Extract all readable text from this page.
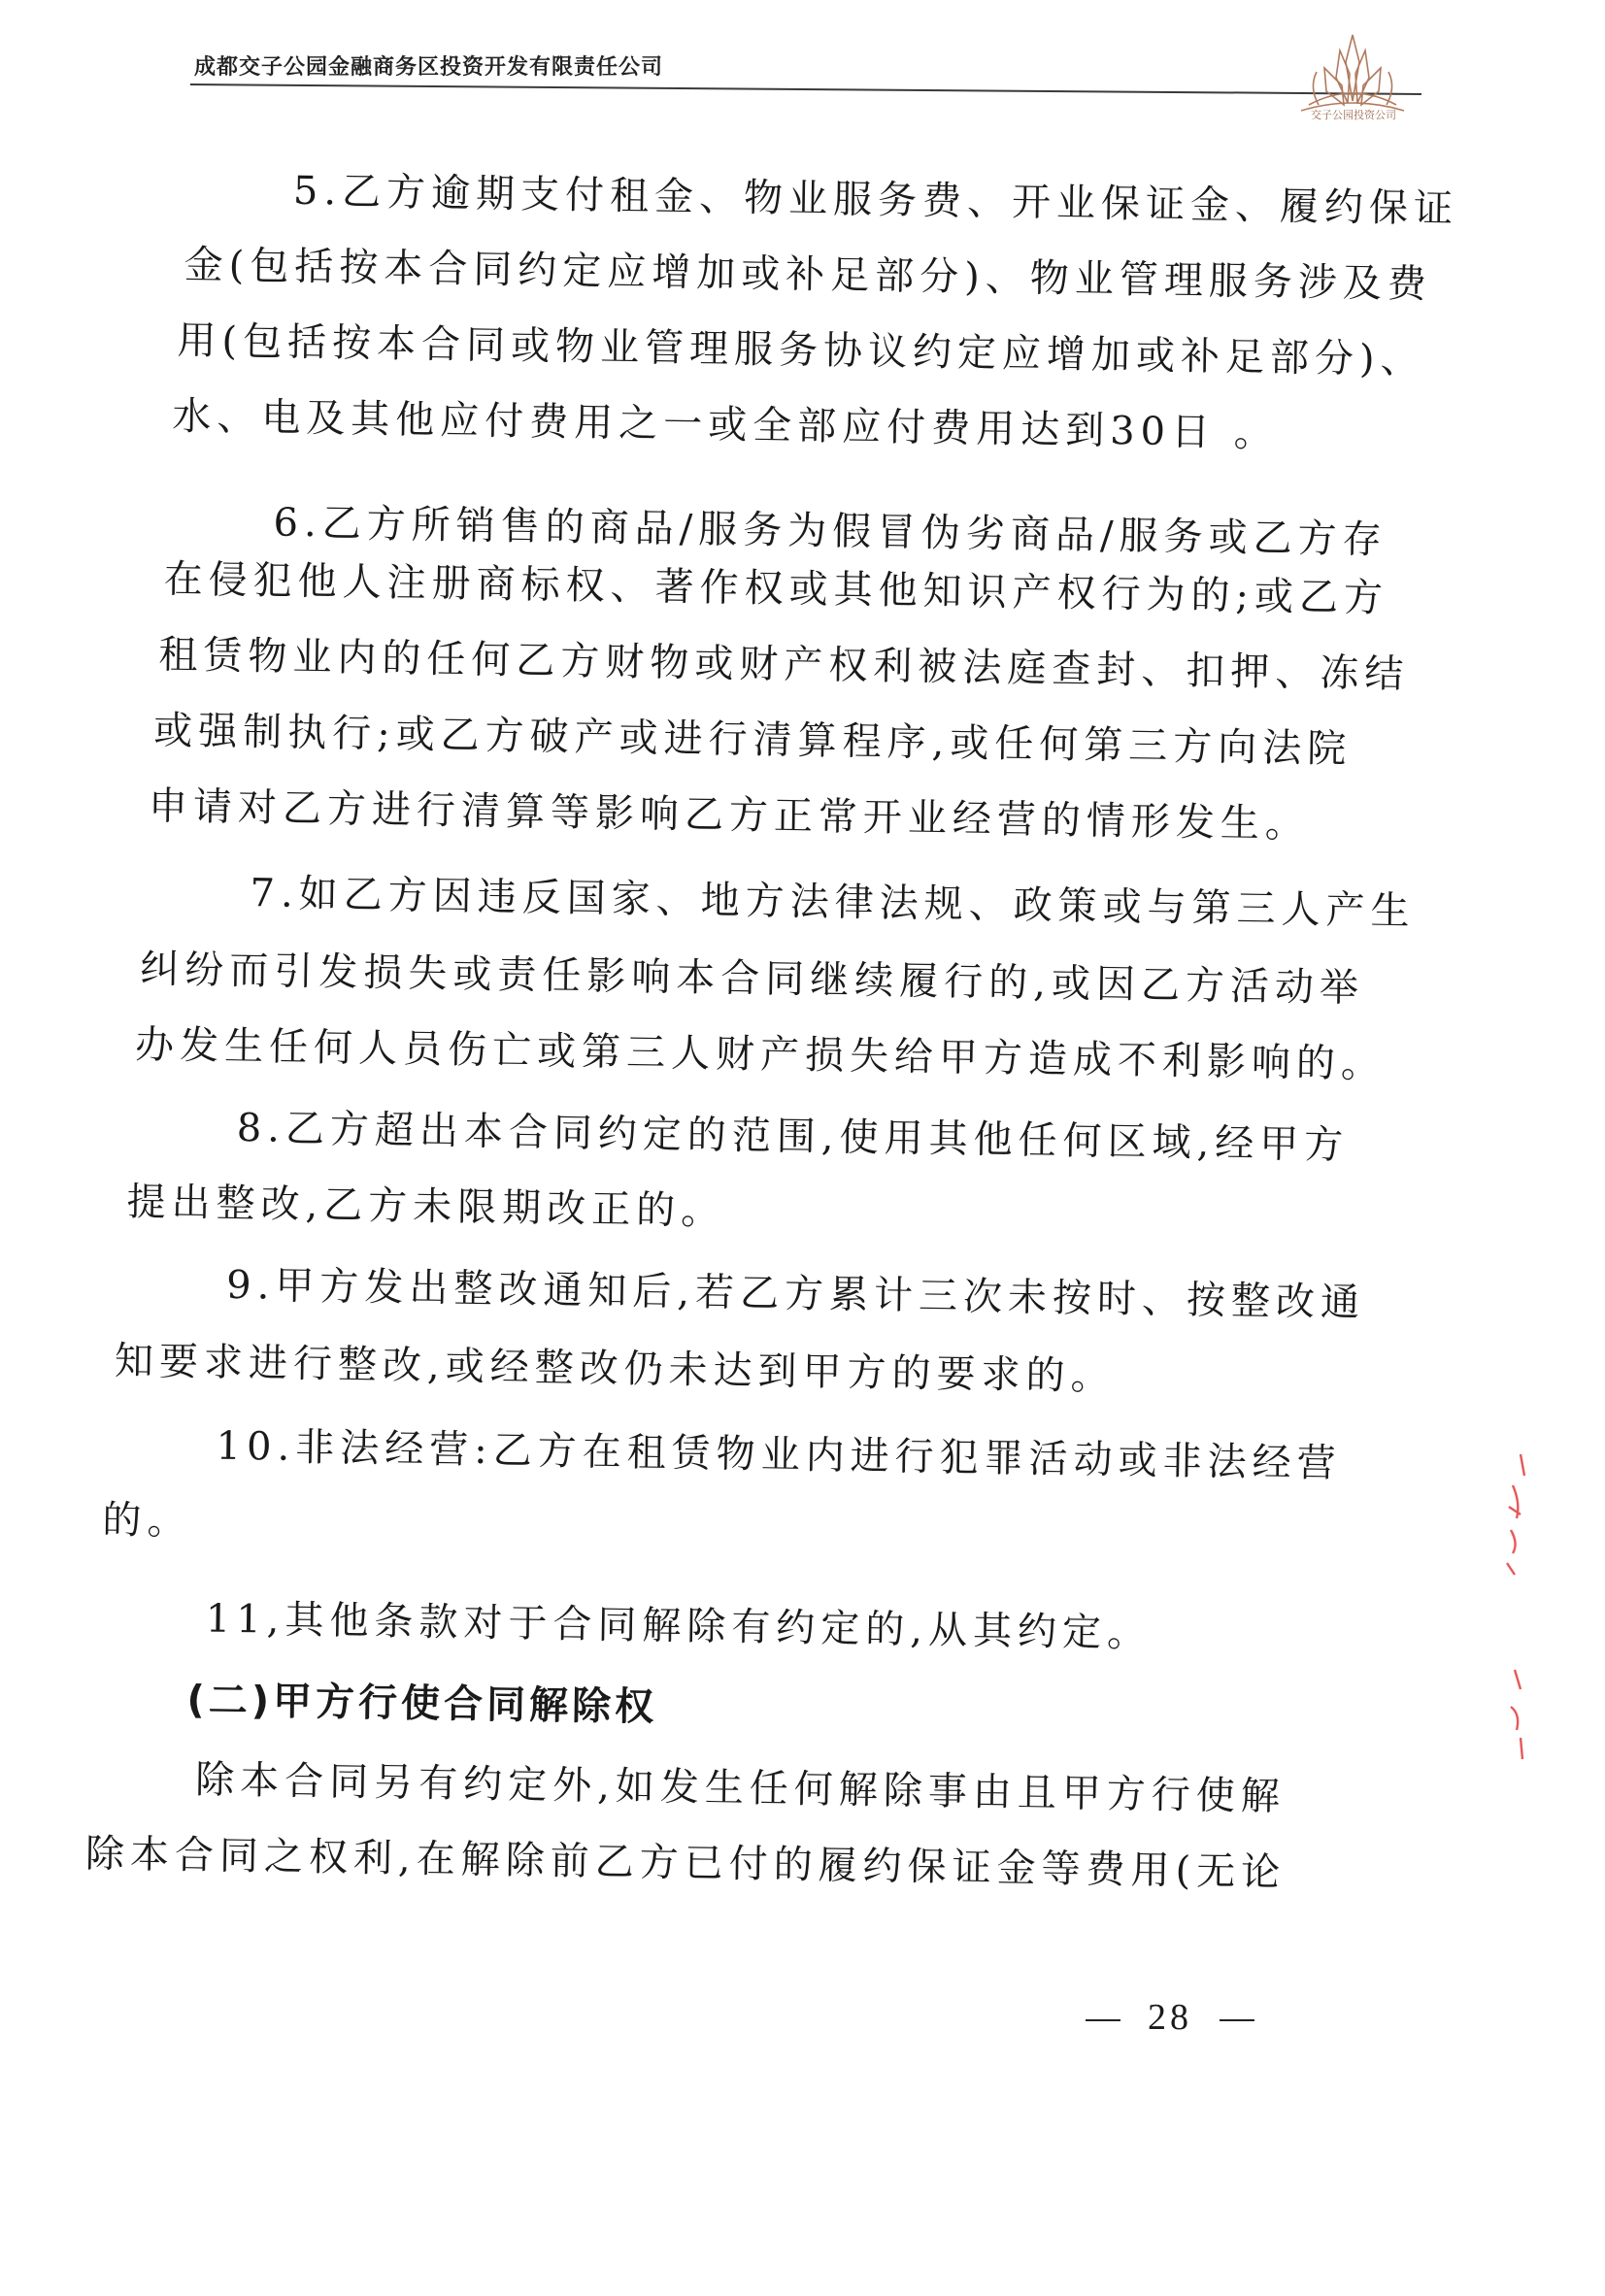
成都交子公园金融商务区投资开发有限责任公司
交子公园投资公司
5.乙方逾期支付租金、物业服务费、开业保证金、履约保证
金(包括按本合同约定应增加或补足部分)、物业管理服务涉及费
用(包括按本合同或物业管理服务协议约定应增加或补足部分)、
水、电及其他应付费用之一或全部应付费用达到30日 。
6.乙方所销售的商品/服务为假冒伪劣商品/服务或乙方存
在侵犯他人注册商标权、著作权或其他知识产权行为的;或乙方
租赁物业内的任何乙方财物或财产权利被法庭查封、扣押、冻结
或强制执行;或乙方破产或进行清算程序,或任何第三方向法院
申请对乙方进行清算等影响乙方正常开业经营的情形发生。
7.如乙方因违反国家、地方法律法规、政策或与第三人产生
纠纷而引发损失或责任影响本合同继续履行的,或因乙方活动举
办发生任何人员伤亡或第三人财产损失给甲方造成不利影响的。
8.乙方超出本合同约定的范围,使用其他任何区域,经甲方
提出整改,乙方未限期改正的。
9.甲方发出整改通知后,若乙方累计三次未按时、按整改通
知要求进行整改,或经整改仍未达到甲方的要求的。
10.非法经营:乙方在租赁物业内进行犯罪活动或非法经营
的。
11,其他条款对于合同解除有约定的,从其约定。
(二)甲方行使合同解除权
除本合同另有约定外,如发生任何解除事由且甲方行使解
除本合同之权利,在解除前乙方已付的履约保证金等费用(无论
28
